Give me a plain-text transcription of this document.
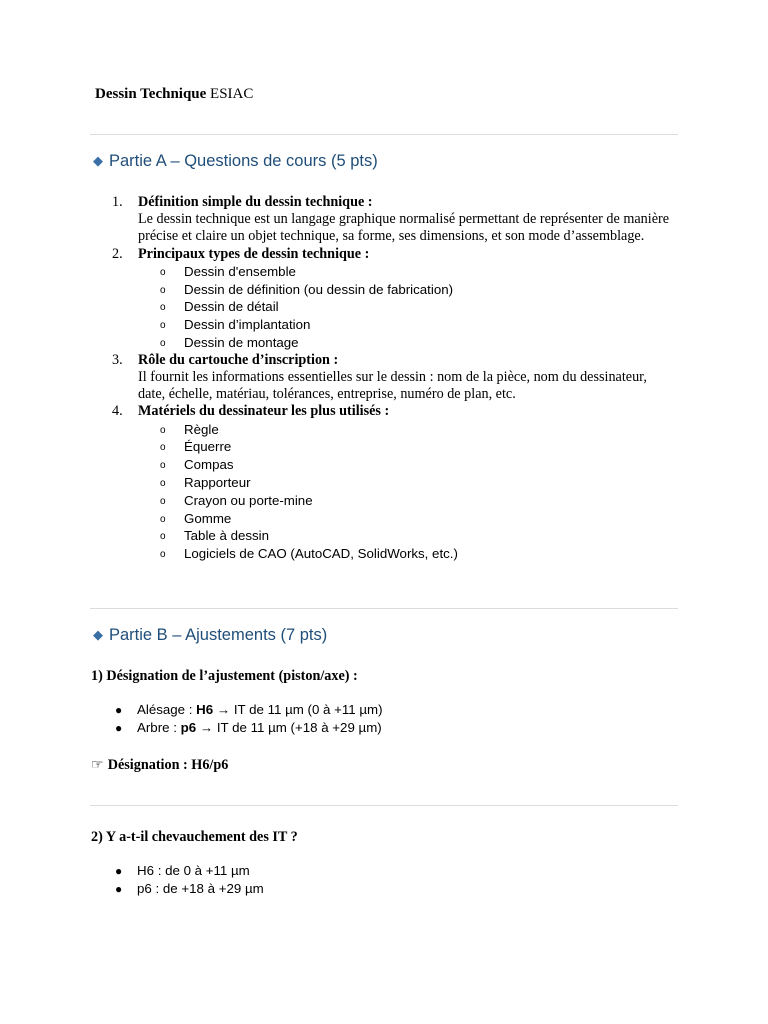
Dessin Technique ESIAC
◆ Partie A – Questions de cours (5 pts)
1. Définition simple du dessin technique :
Le dessin technique est un langage graphique normalisé permettant de représenter de manière précise et claire un objet technique, sa forme, ses dimensions, et son mode d’assemblage.
2. Principaux types de dessin technique :
o Dessin d'ensemble
o Dessin de définition (ou dessin de fabrication)
o Dessin de détail
o Dessin d’implantation
o Dessin de montage
3. Rôle du cartouche d’inscription :
Il fournit les informations essentielles sur le dessin : nom de la pièce, nom du dessinateur, date, échelle, matériau, tolérances, entreprise, numéro de plan, etc.
4. Matériels du dessinateur les plus utilisés :
o Règle
o Équerre
o Compas
o Rapporteur
o Crayon ou porte-mine
o Gomme
o Table à dessin
o Logiciels de CAO (AutoCAD, SolidWorks, etc.)
◆ Partie B – Ajustements (7 pts)
1) Désignation de l’ajustement (piston/axe) :
● Alésage : H6 → IT de 11 µm (0 à +11 µm)
● Arbre : p6 → IT de 11 µm (+18 à +29 µm)
☞ Désignation : H6/p6
2) Y a-t-il chevauchement des IT ?
● H6 : de 0 à +11 µm
● p6 : de +18 à +29 µm
